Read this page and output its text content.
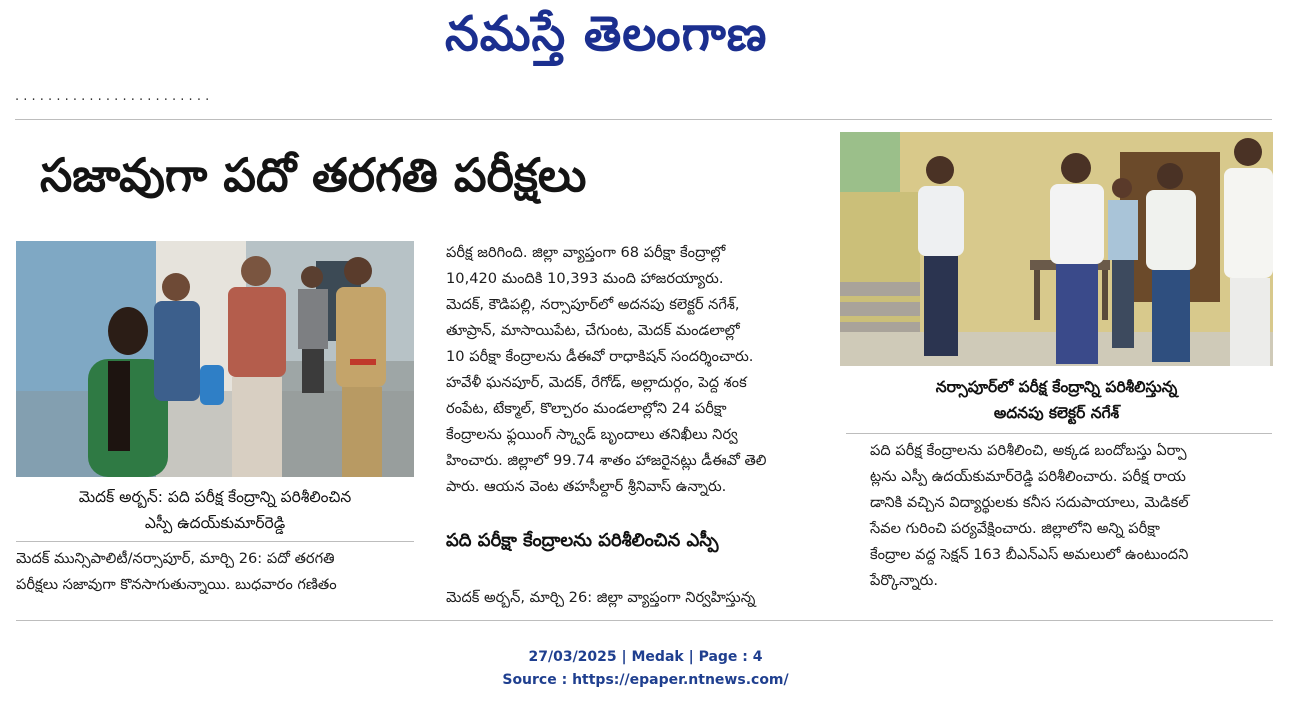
నమస్తే తెలంగాణ
· · · · · · · · · · · · · · · · · · · · · · · ·
సజావుగా పదో తరగతి పరీక్షలు
మెదక్ అర్బన్: పది పరీక్ష కేంద్రాన్ని పరిశీలించిన
ఎస్పీ ఉదయ్‌కుమార్‌రెడ్డి
మెదక్ మున్సిపాలిటీ/నర్సాపూర్, మార్చి 26: పదో తరగతి
పరీక్షలు సజావుగా కొనసాగుతున్నాయి. బుధవారం గణితం
పరీక్ష జరిగింది. జిల్లా వ్యాప్తంగా 68 పరీక్షా కేంద్రాల్లో
10,420 మందికి 10,393 మంది హాజరయ్యారు.
మెదక్, కౌడిపల్లి, నర్సాపూర్‌లో అదనపు కలెక్టర్ నగేశ్,
తూప్రాన్, మాసాయిపేట, చేగుంట, మెదక్ మండలాల్లో
10 పరీక్షా కేంద్రాలను డీఈవో రాధాకిషన్ సందర్శించారు.
హవేళీ ఘనపూర్, మెదక్, రేగోడ్, అల్లాదుర్గం, పెద్ద శంక
రంపేట, టేక్మాల్, కొల్చారం మండలాల్లోని 24 పరీక్షా
కేంద్రాలను ఫ్లయింగ్ స్క్వాడ్ బృందాలు తనిఖీలు నిర్వ
హించారు. జిల్లాలో 99.74 శాతం హాజరైనట్లు డీఈవో తెలి
పారు. ఆయన వెంట తహసీల్దార్ శ్రీనివాస్ ఉన్నారు.
పది పరీక్షా కేంద్రాలను పరిశీలించిన ఎస్పీ
మెదక్ అర్బన్, మార్చి 26: జిల్లా వ్యాప్తంగా నిర్వహిస్తున్న
నర్సాపూర్‌లో పరీక్ష కేంద్రాన్ని పరిశీలిస్తున్న
అదనపు కలెక్టర్ నగేశ్
పది పరీక్ష కేంద్రాలను పరిశీలించి, అక్కడ బందోబస్తు ఏర్పా
ట్లను ఎస్పీ ఉదయ్‌కుమార్‌రెడ్డి పరిశీలించారు. పరీక్ష రాయ
డానికి వచ్చిన విద్యార్థులకు కనీస సదుపాయాలు, మెడికల్
సేవల గురించి పర్యవేక్షించారు. జిల్లాలోని అన్ని పరీక్షా
కేంద్రాల వద్ద సెక్షన్ 163 బీఎన్ఎస్ అమలులో ఉంటుందని
పేర్కొన్నారు.
27/03/2025 | Medak | Page : 4
Source : https://epaper.ntnews.com/
